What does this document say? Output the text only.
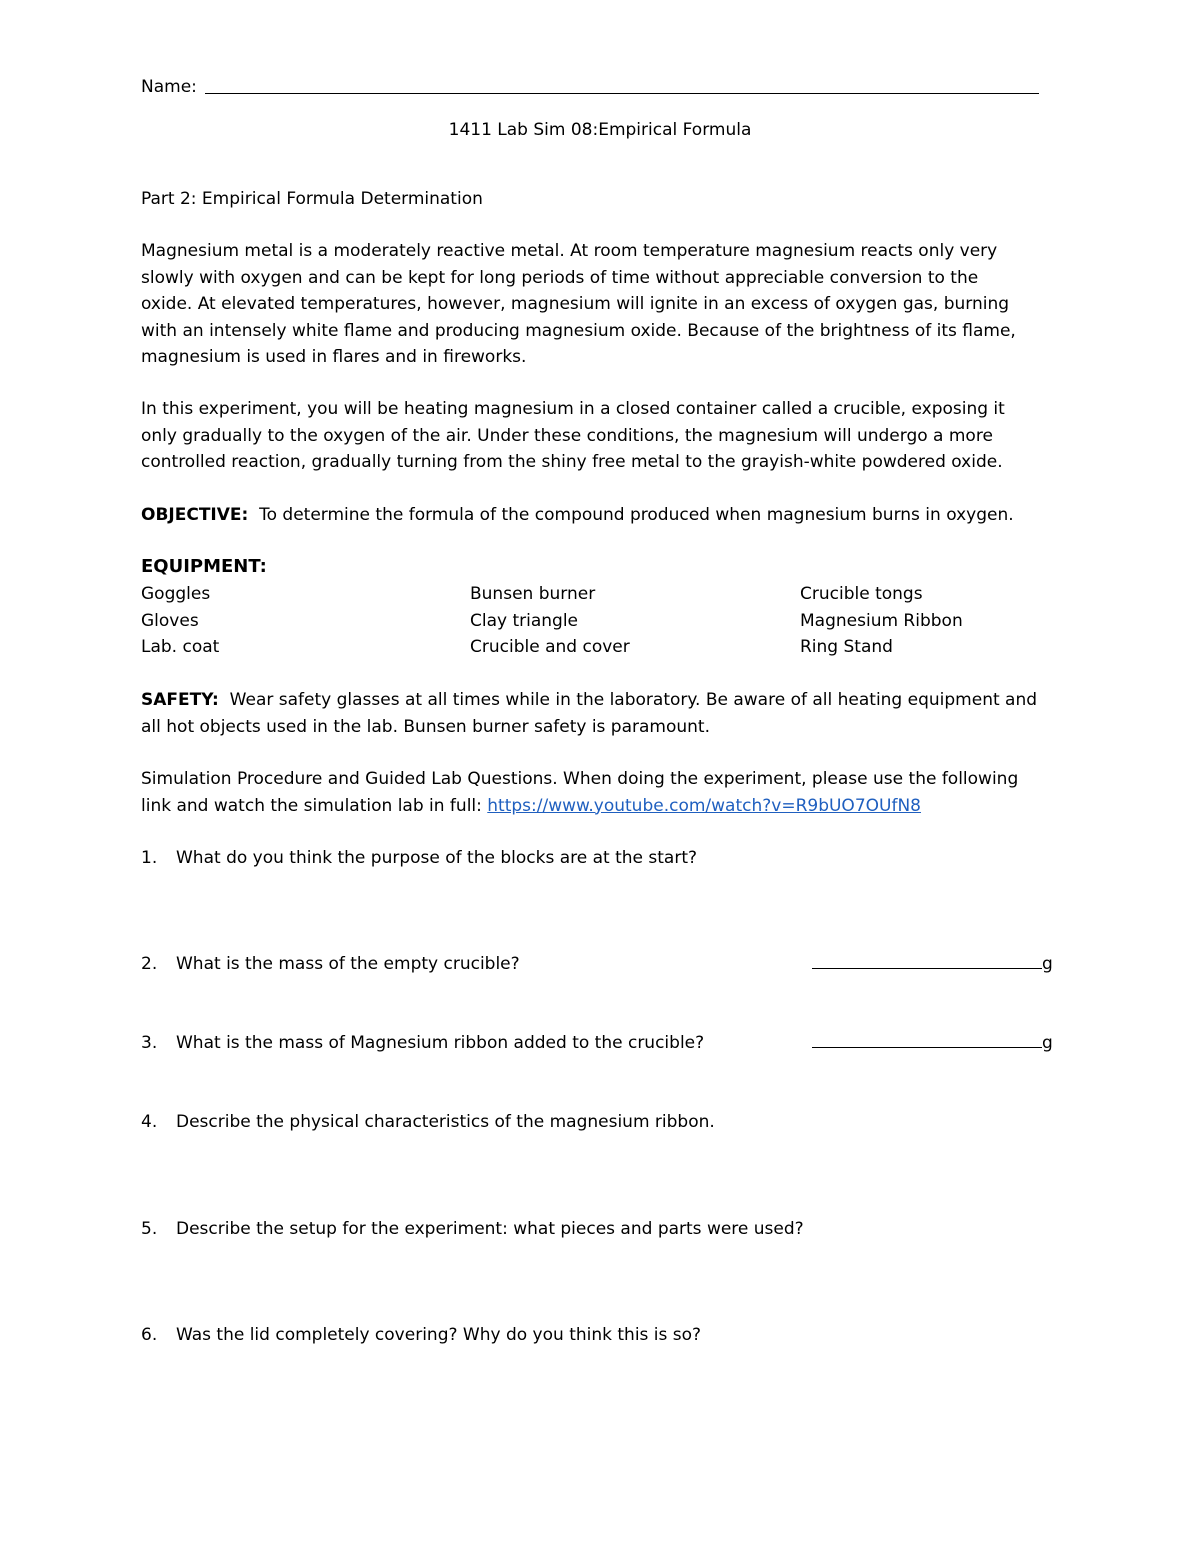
Name:
1411 Lab Sim 08:Empirical Formula
Part 2: Empirical Formula Determination
Magnesium metal is a moderately reactive metal. At room temperature magnesium reacts only very
slowly with oxygen and can be kept for long periods of time without appreciable conversion to the
oxide. At elevated temperatures, however, magnesium will ignite in an excess of oxygen gas, burning
with an intensely white flame and producing magnesium oxide. Because of the brightness of its flame,
magnesium is used in flares and in fireworks.
In this experiment, you will be heating magnesium in a closed container called a crucible, exposing it
only gradually to the oxygen of the air. Under these conditions, the magnesium will undergo a more
controlled reaction, gradually turning from the shiny free metal to the grayish-white powdered oxide.
OBJECTIVE: To determine the formula of the compound produced when magnesium burns in oxygen.
EQUIPMENT:
Goggles
Gloves
Lab. coat
Bunsen burner
Clay triangle
Crucible and cover
Crucible tongs
Magnesium Ribbon
Ring Stand
SAFETY: Wear safety glasses at all times while in the laboratory. Be aware of all heating equipment and
all hot objects used in the lab. Bunsen burner safety is paramount.
Simulation Procedure and Guided Lab Questions. When doing the experiment, please use the following
link and watch the simulation lab in full: https://www.youtube.com/watch?v=R9bUO7OUfN8
1. What do you think the purpose of the blocks are at the start?
2. What is the mass of the empty crucible?	g
3. What is the mass of Magnesium ribbon added to the crucible?	g
4. Describe the physical characteristics of the magnesium ribbon.
5. Describe the setup for the experiment: what pieces and parts were used?
6. Was the lid completely covering? Why do you think this is so?
